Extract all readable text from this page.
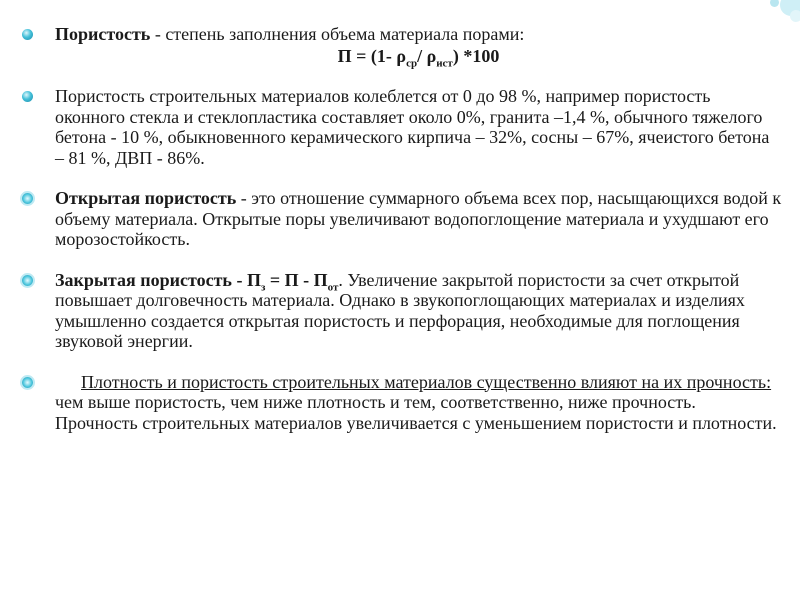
Пористость - степень заполнения объема материала порами:
П = (1- $\rho_{ср}/$ $\rho_{ист}$) *100
Пористость строительных материалов колеблется от 0 до 98 %, например пористость оконного стекла и стеклопластика составляет около 0%, гранита –1,4 %, обычного тяжелого бетона - 10 %, обыкновенного керамического кирпича – 32%, сосны – 67%, ячеистого бетона – 81 %, ДВП - 86%.
Открытая пористость - это отношение суммарного объема всех пор, насыщающихся водой к объему материала. Открытые поры увеличивают водопоглощение материала и ухудшают его морозостойкость.
Закрытая пористость - $П_з = П - П_{от}$. Увеличение закрытой пористости за счет открытой повышает долговечность материала. Однако в звукопоглощающих материалах и изделиях умышленно создается открытая пористость и перфорация, необходимые для поглощения звуковой энергии.
Плотность и пористость строительных материалов существенно влияют на их прочность: чем выше пористость, чем ниже плотность и тем, соответственно, ниже прочность. Прочность строительных материалов увеличивается с уменьшением пористости и плотности.
